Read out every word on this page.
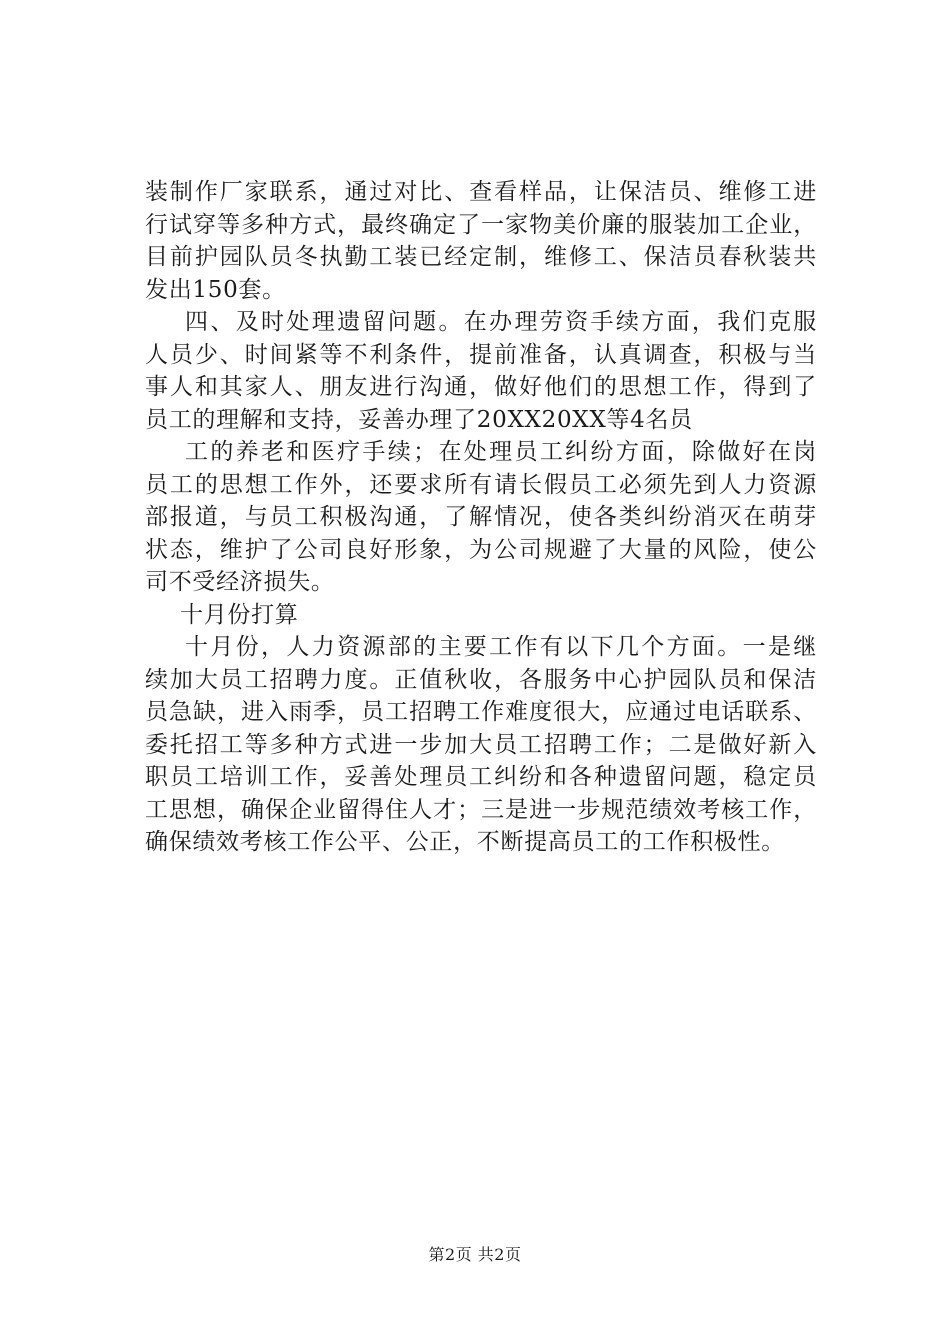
装制作厂家联系，通过对比、查看样品，让保洁员、维修工进
行试穿等多种方式，最终确定了一家物美价廉的服装加工企业，
目前护园队员冬执勤工装已经定制，维修工、保洁员春秋装共
发出150套。
四、及时处理遗留问题。在办理劳资手续方面，我们克服
人员少、时间紧等不利条件，提前准备，认真调查，积极与当
事人和其家人、朋友进行沟通，做好他们的思想工作，得到了
员工的理解和支持，妥善办理了20XX20XX等4名员
工的养老和医疗手续；在处理员工纠纷方面，除做好在岗
员工的思想工作外，还要求所有请长假员工必须先到人力资源
部报道，与员工积极沟通，了解情况，使各类纠纷消灭在萌芽
状态，维护了公司良好形象，为公司规避了大量的风险，使公
司不受经济损失。
十月份打算
十月份，人力资源部的主要工作有以下几个方面。一是继
续加大员工招聘力度。正值秋收，各服务中心护园队员和保洁
员急缺，进入雨季，员工招聘工作难度很大，应通过电话联系、
委托招工等多种方式进一步加大员工招聘工作；二是做好新入
职员工培训工作，妥善处理员工纠纷和各种遗留问题，稳定员
工思想，确保企业留得住人才；三是进一步规范绩效考核工作，
确保绩效考核工作公平、公正，不断提高员工的工作积极性。
第2页 共2页
